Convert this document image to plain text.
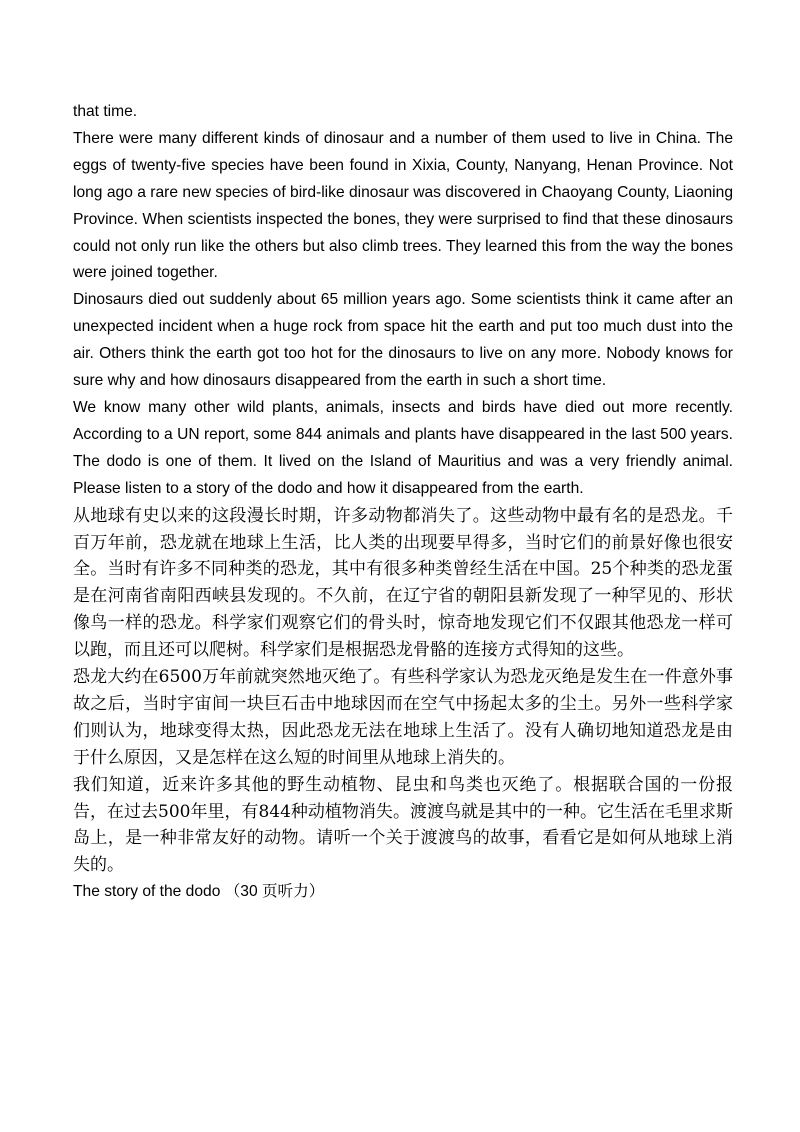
that time.

There were many different kinds of dinosaur and a number of them used to live in China. The eggs of twenty-five species have been found in Xixia, County, Nanyang, Henan Province. Not long ago a rare new species of bird-like dinosaur was discovered in Chaoyang County, Liaoning Province. When scientists inspected the bones, they were surprised to find that these dinosaurs could not only run like the others but also climb trees. They learned this from the way the bones were joined together.

Dinosaurs died out suddenly about 65 million years ago. Some scientists think it came after an unexpected incident when a huge rock from space hit the earth and put too much dust into the air. Others think the earth got too hot for the dinosaurs to live on any more. Nobody knows for sure why and how dinosaurs disappeared from the earth in such a short time.

We know many other wild plants, animals, insects and birds have died out more recently. According to a UN report, some 844 animals and plants have disappeared in the last 500 years. The dodo is one of them. It lived on the Island of Mauritius and was a very friendly animal. Please listen to a story of the dodo and how it disappeared from the earth.

从地球有史以来的这段漫长时期，许多动物都消失了。这些动物中最有名的是恐龙。千百万年前，恐龙就在地球上生活，比人类的出现要早得多，当时它们的前景好像也很安全。当时有许多不同种类的恐龙，其中有很多种类曾经生活在中国。25个种类的恐龙蛋是在河南省南阳西峡县发现的。不久前，在辽宁省的朝阳县新发现了一种罕见的、形状像鸟一样的恐龙。科学家们观察它们的骨头时，惊奇地发现它们不仅跟其他恐龙一样可以跑，而且还可以爬树。科学家们是根据恐龙骨骼的连接方式得知的这些。

恐龙大约在6500万年前就突然地灭绝了。有些科学家认为恐龙灭绝是发生在一件意外事故之后，当时宇宙间一块巨石击中地球因而在空气中扬起太多的尘土。另外一些科学家们则认为，地球变得太热，因此恐龙无法在地球上生活了。没有人确切地知道恐龙是由于什么原因，又是怎样在这么短的时间里从地球上消失的。

我们知道，近来许多其他的野生动植物、昆虫和鸟类也灭绝了。根据联合国的一份报告，在过去500年里，有844种动植物消失。渡渡鸟就是其中的一种。它生活在毛里求斯岛上，是一种非常友好的动物。请听一个关于渡渡鸟的故事，看看它是如何从地球上消失的。

The story of the dodo （30 页听力）
